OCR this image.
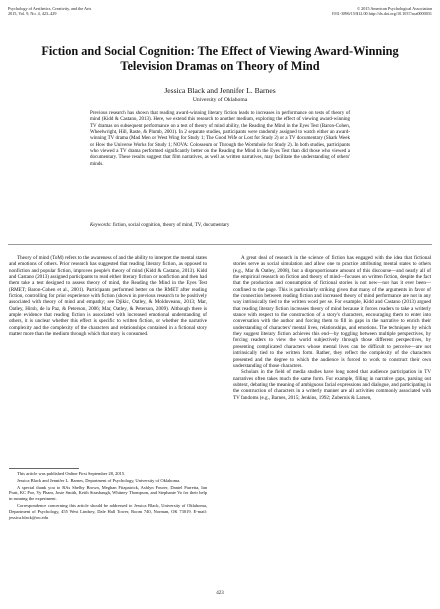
Psychology of Aesthetics, Creativity, and the Arts
2015, Vol. 9, No. 4, 423–429
© 2015 American Psychological Association
1931-3896/15/$12.00 http://dx.doi.org/10.1037/aca0000031
Fiction and Social Cognition: The Effect of Viewing Award-Winning Television Dramas on Theory of Mind
Jessica Black and Jennifer L. Barnes
University of Oklahoma

Previous research has shown that reading award-winning literary fiction leads to increases in performance on tests of theory of mind (Kidd & Castano, 2013). Here, we extend this research to another medium, exploring the effect of viewing award-winning TV dramas on subsequent performance on a test of theory of mind ability, the Reading the Mind in the Eyes Test (Baron-Cohen, Wheelwright, Hill, Raste, & Plumb, 2001). In 2 separate studies, participants were randomly assigned to watch either an award-winning TV drama (Mad Men or West Wing for Study 1; The Good Wife or Lost for Study 2) or a TV documentary (Shark Week or How the Universe Works for Study 1; NOVA: Colosseum or Through the Wormhole for Study 2). In both studies, participants who viewed a TV drama performed significantly better on the Reading the Mind in the Eyes Test than did those who viewed a documentary. These results suggest that film narratives, as well as written narratives, may facilitate the understanding of others' minds.

Keywords: fiction, social cognition, theory of mind, TV, documentary

Theory of mind (ToM) refers to the awareness of and the ability to interpret the mental states and emotions of others. Prior research has suggested that reading literary fiction, as opposed to nonfiction and popular fiction, improves people's theory of mind (Kidd & Castano, 2013). Kidd and Castano (2013) assigned participants to read either literary fiction or nonfiction and then had them take a test designed to assess theory of mind, the Reading the Mind in the Eyes Test (RMET; Baron-Cohen et al., 2001). Participants performed better on the RMET after reading fiction, controlling for prior experience with fiction (shown in previous research to be positively associated with theory of mind and empathy; see Djikic, Oatley, & Moldoveanu, 2013; Mar, Oatley, Hirsh, de la Paz, & Peterson, 2006; Mar, Oatley, & Peterson, 2009). Although there is ample evidence that reading fiction is associated with increased emotional understanding of others, it is unclear whether this effect is specific to written fiction, or whether the narrative complexity and the complexity of the characters and relationships contained in a fictional story matter more than the medium through which that story is consumed.

A great deal of research in the science of fiction has engaged with the idea that fictional stories serve as social simulation and allow one to practice attributing mental states to others (e.g., Mar & Oatley, 2008), but a disproportionate amount of this discourse—and nearly all of the empirical research on fiction and theory of mind—focuses on written fiction, despite the fact that the production and consumption of fictional stories is not new—nor has it ever been—confined to the page. This is particularly striking given that many of the arguments in favor of the connection between reading fiction and increased theory of mind performance are not in any way intrinsically tied to the written word per se. For example, Kidd and Castano (2013) argued that reading literary fiction increases theory of mind because it forces readers to take a writerly stance with respect to the construction of a story's characters, encouraging them to enter into conversation with the author and forcing them to fill in gaps in the narrative to enrich their understanding of characters' mental lives, relationships, and emotions. The techniques by which they suggest literary fiction achieves this end—by toggling between multiple perspectives, by forcing readers to view the world subjectively through those different perspectives, by presenting complicated characters whose mental lives can be difficult to perceive—are not intrinsically tied to the written form. Rather, they reflect the complexity of the characters presented and the degree to which the audience is forced to work to construct their own understanding of those characters.

Scholars in the field of media studies have long noted that audience participation in TV narratives often takes much the same form. For example, filling in narrative gaps, parsing out subtext, debating the meaning of ambiguous facial expressions and dialogue, and participating in the construction of characters in a writerly manner are all activities commonly associated with TV fandoms (e.g., Barnes, 2015; Jenkins, 1992; Zubernis & Larsen,

This article was published Online First September 28, 2015.

Jessica Black and Jennifer L. Barnes, Department of Psychology, University of Oklahoma.

A special thank you to RAs Shelby Brown, Meghan Fitzpatrick, Ashlyn Fourer, Daniel Parretta, Ian Pratt, KC Poe, Vy Pham, Josie Smith, Keith Strasbaugh, Whitney Thompson, and Stephanie Vo for their help in running the experiment.

Correspondence concerning this article should be addressed to Jessica Black, University of Oklahoma, Department of Psychology, 455 West Lindsey, Dale Hall Tower, Room 740, Norman, OK 73019. E-mail: jessica.black@ou.edu

423
